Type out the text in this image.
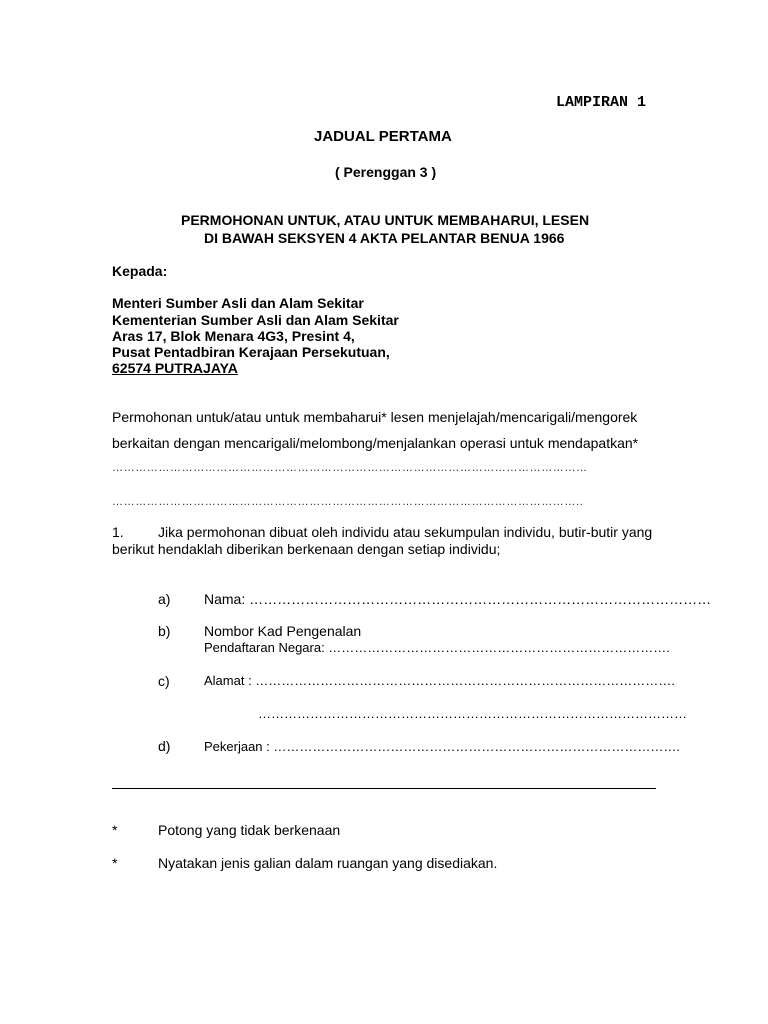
LAMPIRAN 1
JADUAL PERTAMA
( Perenggan 3 )
PERMOHONAN UNTUK, ATAU UNTUK MEMBAHARUI, LESEN
DI BAWAH SEKSYEN 4 AKTA PELANTAR BENUA 1966
Kepada:
Menteri Sumber Asli dan Alam Sekitar
Kementerian Sumber Asli dan Alam Sekitar
Aras 17, Blok Menara 4G3, Presint 4,
Pusat Pentadbiran Kerajaan Persekutuan,
62574 PUTRAJAYA
Permohonan untuk/atau untuk membaharui* lesen menjelajah/mencarigali/mengorek
berkaitan dengan mencarigali/melombong/menjalankan operasi untuk mendapatkan*
……………………………………………………………………………………………………………
…………………………………………………………………………………………………………..
1. Jika permohonan dibuat oleh individu atau sekumpulan individu, butir-butir yang
berikut hendaklah diberikan berkenaan dengan setiap individu;
a) Nama: ………………………………………………………………………………………
b) Nombor Kad Pengenalan
Pendaftaran Negara: …………………………………………………………………….
c)	Alamat : …………………………………………………………………………………….
………………………………………………………………………………………
d)	Pekerjaan : ………………………………………………………………………………….
*	Potong yang tidak berkenaan
*	Nyatakan jenis galian dalam ruangan yang disediakan.
